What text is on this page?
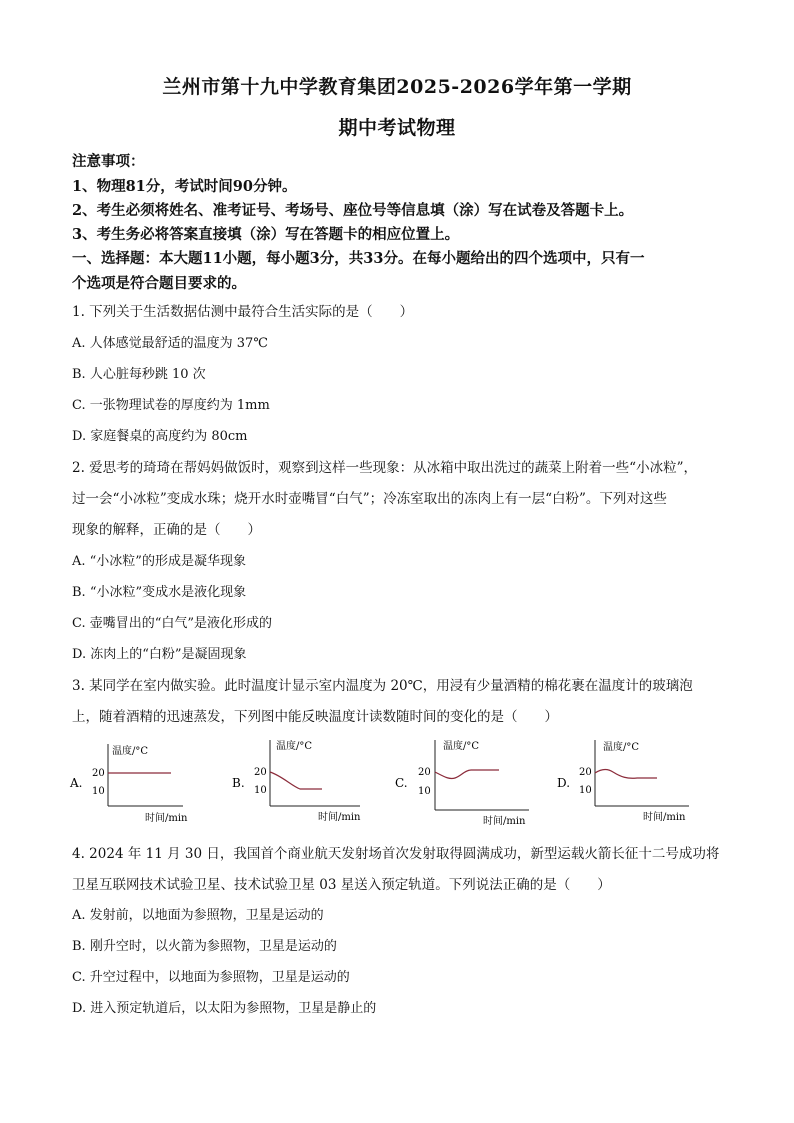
兰州市第十九中学教育集团2025-2026学年第一学期
期中考试物理
注意事项：
1、物理81分，考试时间90分钟。
2、考生必须将姓名、准考证号、考场号、座位号等信息填（涂）写在试卷及答题卡上。
3、考生务必将答案直接填（涂）写在答题卡的相应位置上。
一、选择题：本大题11小题，每小题3分，共33分。在每小题给出的四个选项中，只有一
个选项是符合题目要求的。
1. 下列关于生活数据估测中最符合生活实际的是（　　）
A. 人体感觉最舒适的温度为 37℃
B. 人心脏每秒跳 10 次
C. 一张物理试卷的厚度约为 1mm
D. 家庭餐桌的高度约为 80cm
2. 爱思考的琦琦在帮妈妈做饭时，观察到这样一些现象：从冰箱中取出洗过的蔬菜上附着一些“小冰粒”，
过一会“小冰粒”变成水珠；烧开水时壶嘴冒“白气”；冷冻室取出的冻肉上有一层“白粉”。下列对这些
现象的解释，正确的是（　　）
A. “小冰粒”的形成是凝华现象
B. “小冰粒”变成水是液化现象
C. 壶嘴冒出的“白气”是液化形成的
D. 冻肉上的“白粉”是凝固现象
3. 某同学在室内做实验。此时温度计显示室内温度为 20℃，用浸有少量酒精的棉花裹在温度计的玻璃泡
上，随着酒精的迅速蒸发，下列图中能反映温度计读数随时间的变化的是（　　）
A.
温度/°C
20
10
时间/min
B.
温度/°C
20
10
时间/min
C.
温度/°C
20
10
时间/min
D.
温度/°C
20
10
时间/min
4. 2024 年 11 月 30 日，我国首个商业航天发射场首次发射取得圆满成功，新型运载火箭长征十二号成功将
卫星互联网技术试验卫星、技术试验卫星 03 星送入预定轨道。下列说法正确的是（　　）
A. 发射前，以地面为参照物，卫星是运动的
B. 刚升空时，以火箭为参照物，卫星是运动的
C. 升空过程中，以地面为参照物，卫星是运动的
D. 进入预定轨道后，以太阳为参照物，卫星是静止的
